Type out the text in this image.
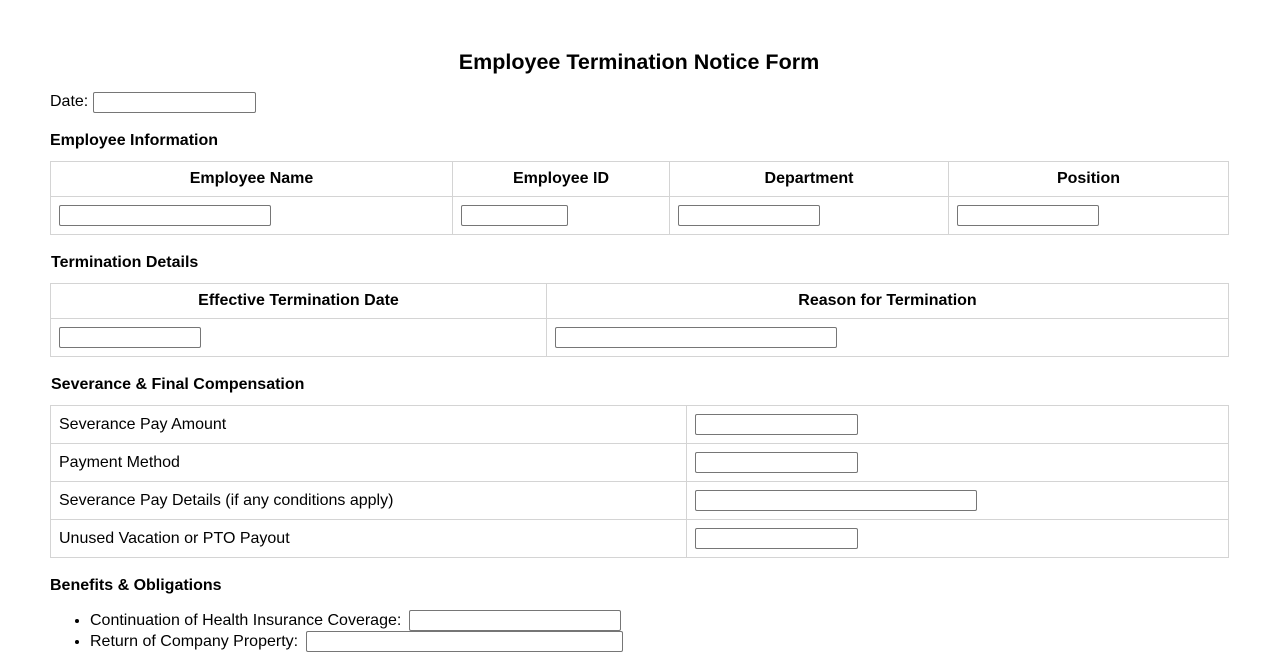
Employee Termination Notice Form
Date:
Employee Information
Employee Name	Employee ID	Department	Position

Termination Details
Effective Termination Date	Reason for Termination

Severance & Final Compensation
Severance Pay Amount	

Payment Method	

Severance Pay Details (if any conditions apply)	

Unused Vacation or PTO Payout	
Benefits & Obligations
• Continuation of Health Insurance Coverage:
• Return of Company Property:
